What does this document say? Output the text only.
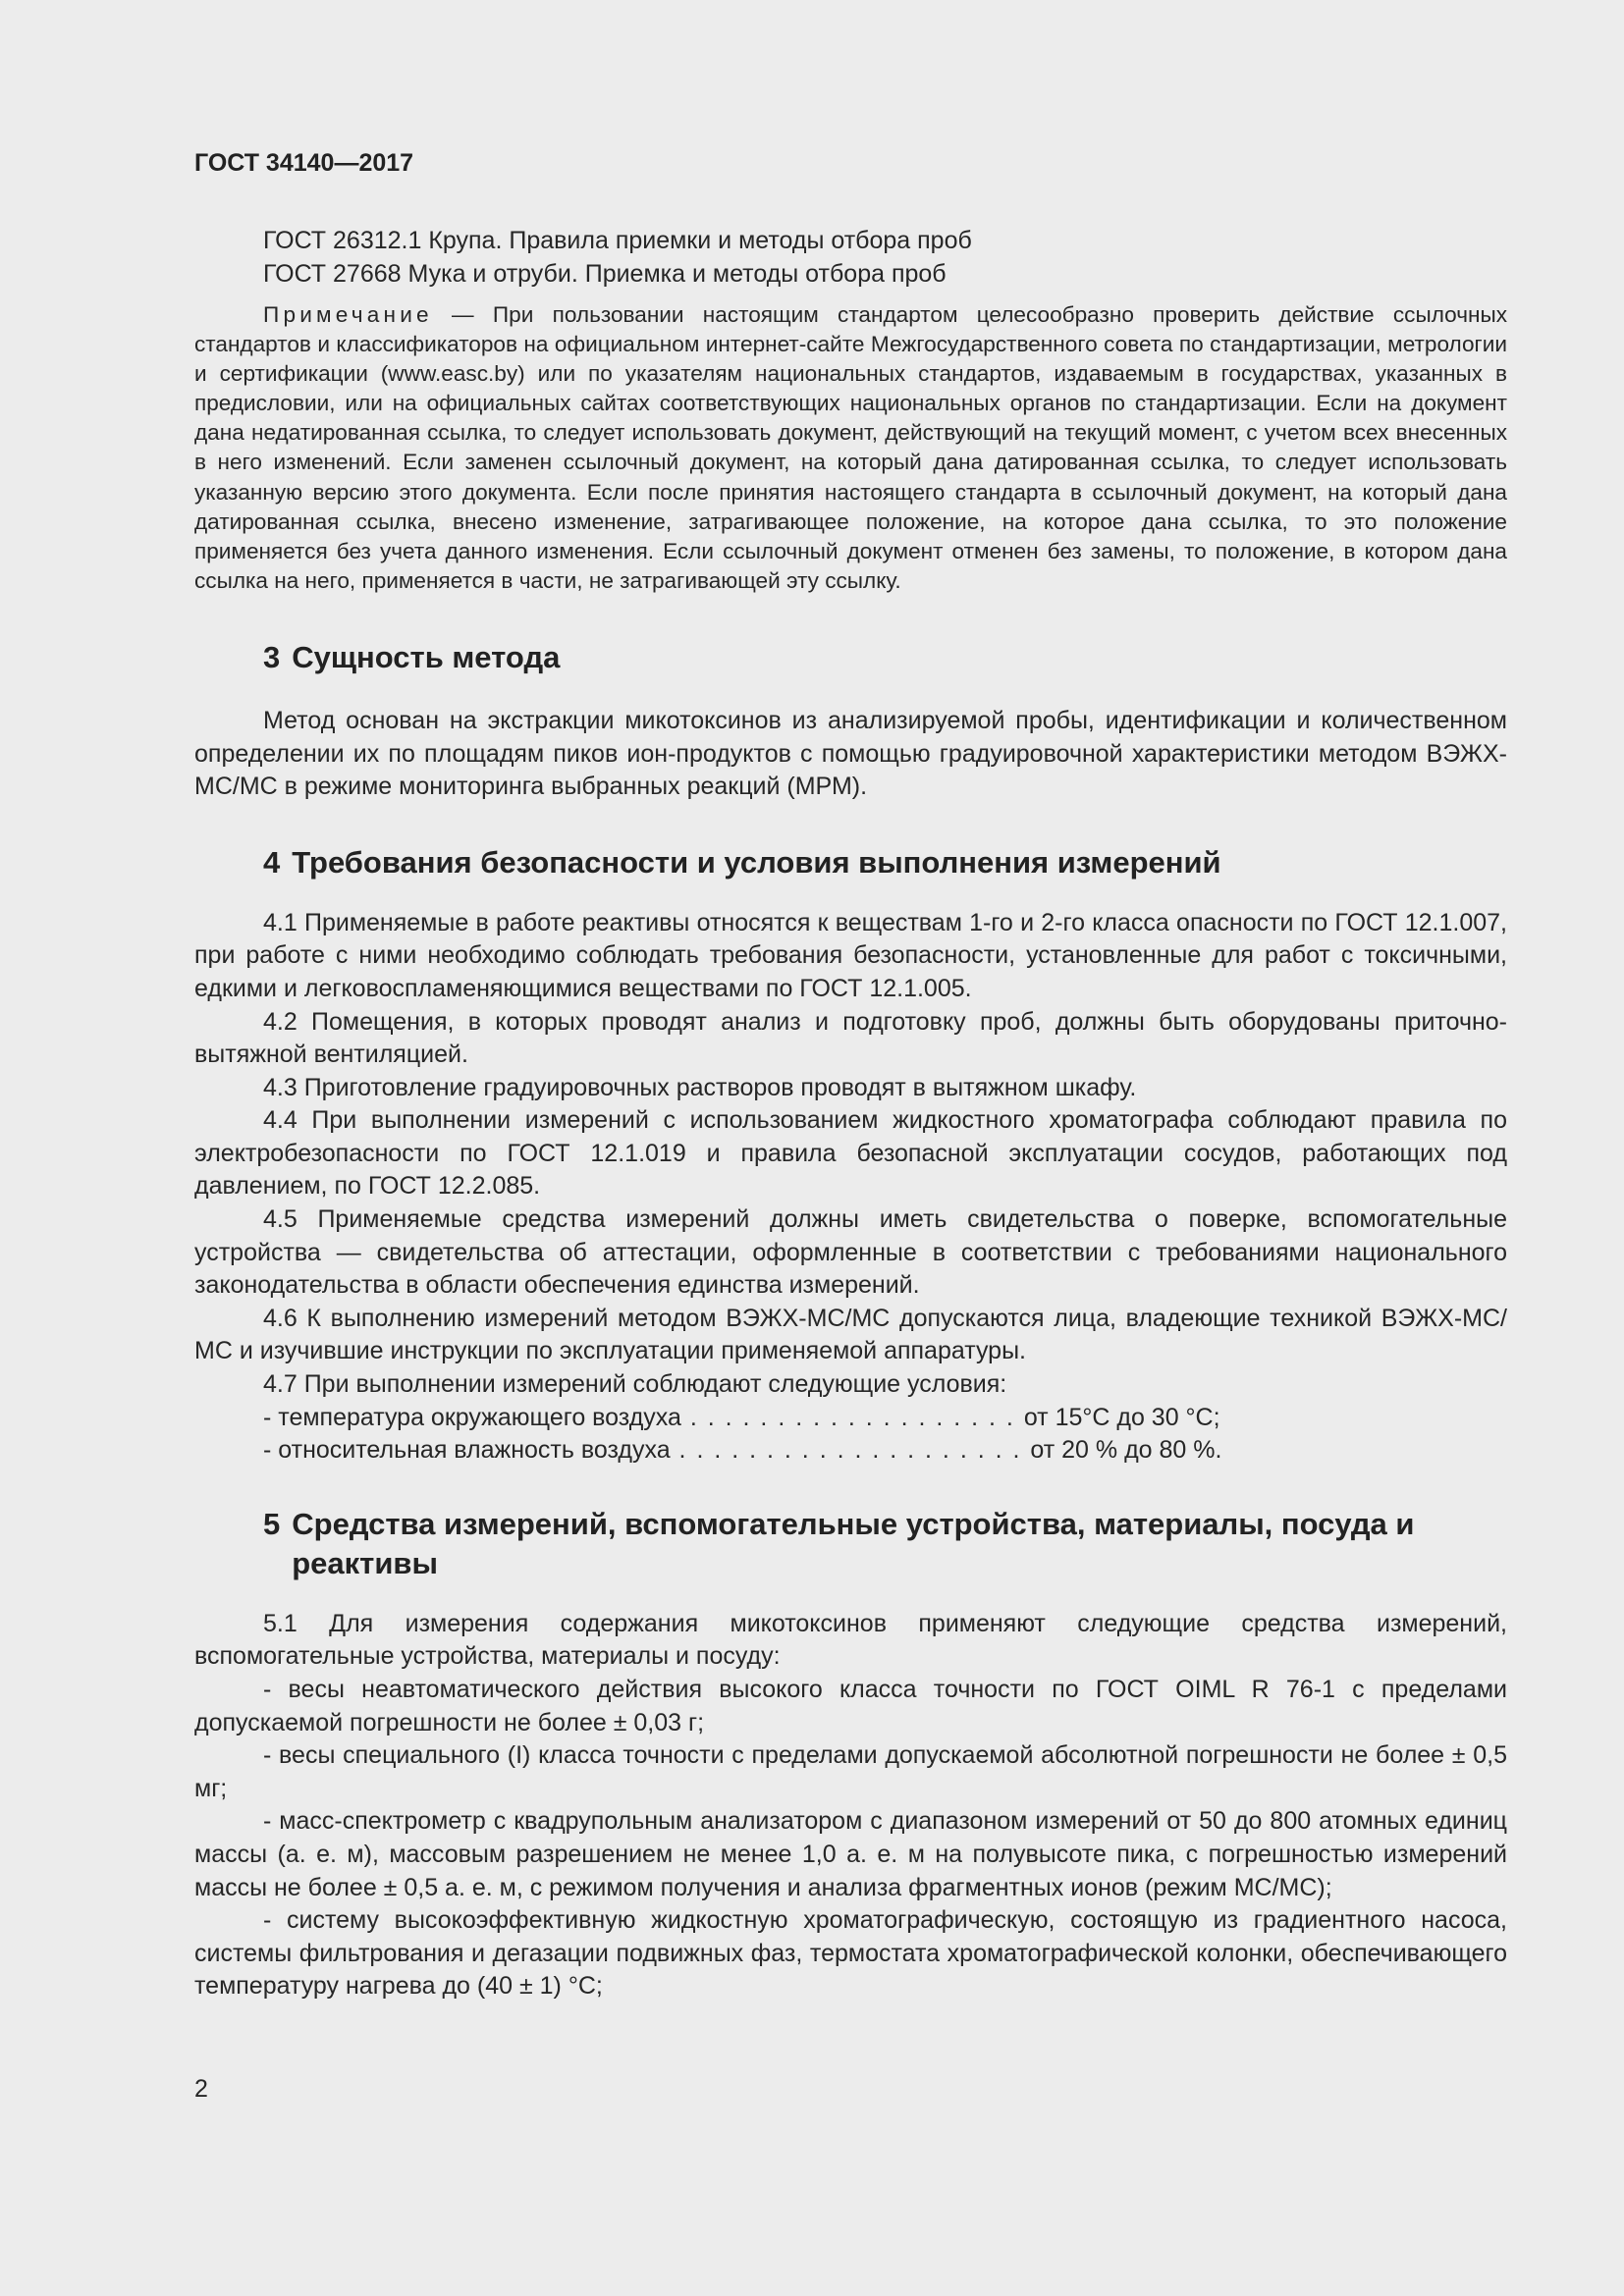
ГОСТ 34140—2017
ГОСТ 26312.1 Крупа. Правила приемки и методы отбора проб
ГОСТ 27668 Мука и отруби. Приемка и методы отбора проб
Примечание — При пользовании настоящим стандартом целесообразно проверить действие ссылочных стандартов и классификаторов на официальном интернет-сайте Межгосударственного совета по стандартизации, метрологии и сертификации (www.easc.by) или по указателям национальных стандартов, издаваемым в государствах, указанных в предисловии, или на официальных сайтах соответствующих национальных органов по стандартизации. Если на документ дана недатированная ссылка, то следует использовать документ, действующий на текущий момент, с учетом всех внесенных в него изменений. Если заменен ссылочный документ, на который дана датированная ссылка, то следует использовать указанную версию этого документа. Если после принятия настоящего стандарта в ссылочный документ, на который дана датированная ссылка, внесено изменение, затрагивающее положение, на которое дана ссылка, то это положение применяется без учета данного изменения. Если ссылочный документ отменен без замены, то положение, в котором дана ссылка на него, применяется в части, не затрагивающей эту ссылку.
3 Сущность метода

Метод основан на экстракции микотоксинов из анализируемой пробы, идентификации и количественном определении их по площадям пиков ион-продуктов с помощью градуировочной характеристики методом ВЭЖХ-МС/МС в режиме мониторинга выбранных реакций (МРМ).

4 Требования безопасности и условия выполнения измерений

4.1 Применяемые в работе реактивы относятся к веществам 1-го и 2-го класса опасности по ГОСТ 12.1.007, при работе с ними необходимо соблюдать требования безопасности, установленные для работ с токсичными, едкими и легковоспламеняющимися веществами по ГОСТ 12.1.005.

4.2 Помещения, в которых проводят анализ и подготовку проб, должны быть оборудованы приточно-вытяжной вентиляцией.

4.3 Приготовление градуировочных растворов проводят в вытяжном шкафу.

4.4 При выполнении измерений с использованием жидкостного хроматографа соблюдают правила по электробезопасности по ГОСТ 12.1.019 и правила безопасной эксплуатации сосудов, работающих под давлением, по ГОСТ 12.2.085.

4.5 Применяемые средства измерений должны иметь свидетельства о поверке, вспомогательные устройства — свидетельства об аттестации, оформленные в соответствии с требованиями национального законодательства в области обеспечения единства измерений.

4.6 К выполнению измерений методом ВЭЖХ-МС/МС допускаются лица, владеющие техникой ВЭЖХ-МС/МС и изучившие инструкции по эксплуатации применяемой аппаратуры.

4.7 При выполнении измерений соблюдают следующие условия:

- температура окружающего воздуха . . . . . . . . . . . . . . . . . . . от 15°C до 30 °C;

- относительная влажность воздуха . . . . . . . . . . . . . . . . . . . . от 20 % до 80 %.

5 Средства измерений, вспомогательные устройства, материалы, посуда и реактивы

5.1 Для измерения содержания микотоксинов применяют следующие средства измерений, вспомогательные устройства, материалы и посуду:

- весы неавтоматического действия высокого класса точности по ГОСТ OIML R 76-1 с пределами допускаемой погрешности не более ± 0,03 г;

- весы специального (I) класса точности с пределами допускаемой абсолютной погрешности не более ± 0,5 мг;

- масс-спектрометр с квадрупольным анализатором с диапазоном измерений от 50 до 800 атомных единиц массы (а. е. м), массовым разрешением не менее 1,0 а. е. м на полувысоте пика, с погрешностью измерений массы не более ± 0,5 а. е. м, с режимом получения и анализа фрагментных ионов (режим МС/МС);

- систему высокоэффективную жидкостную хроматографическую, состоящую из градиентного насоса, системы фильтрования и дегазации подвижных фаз, термостата хроматографической колонки, обеспечивающего температуру нагрева до (40 ± 1) °C;

2
